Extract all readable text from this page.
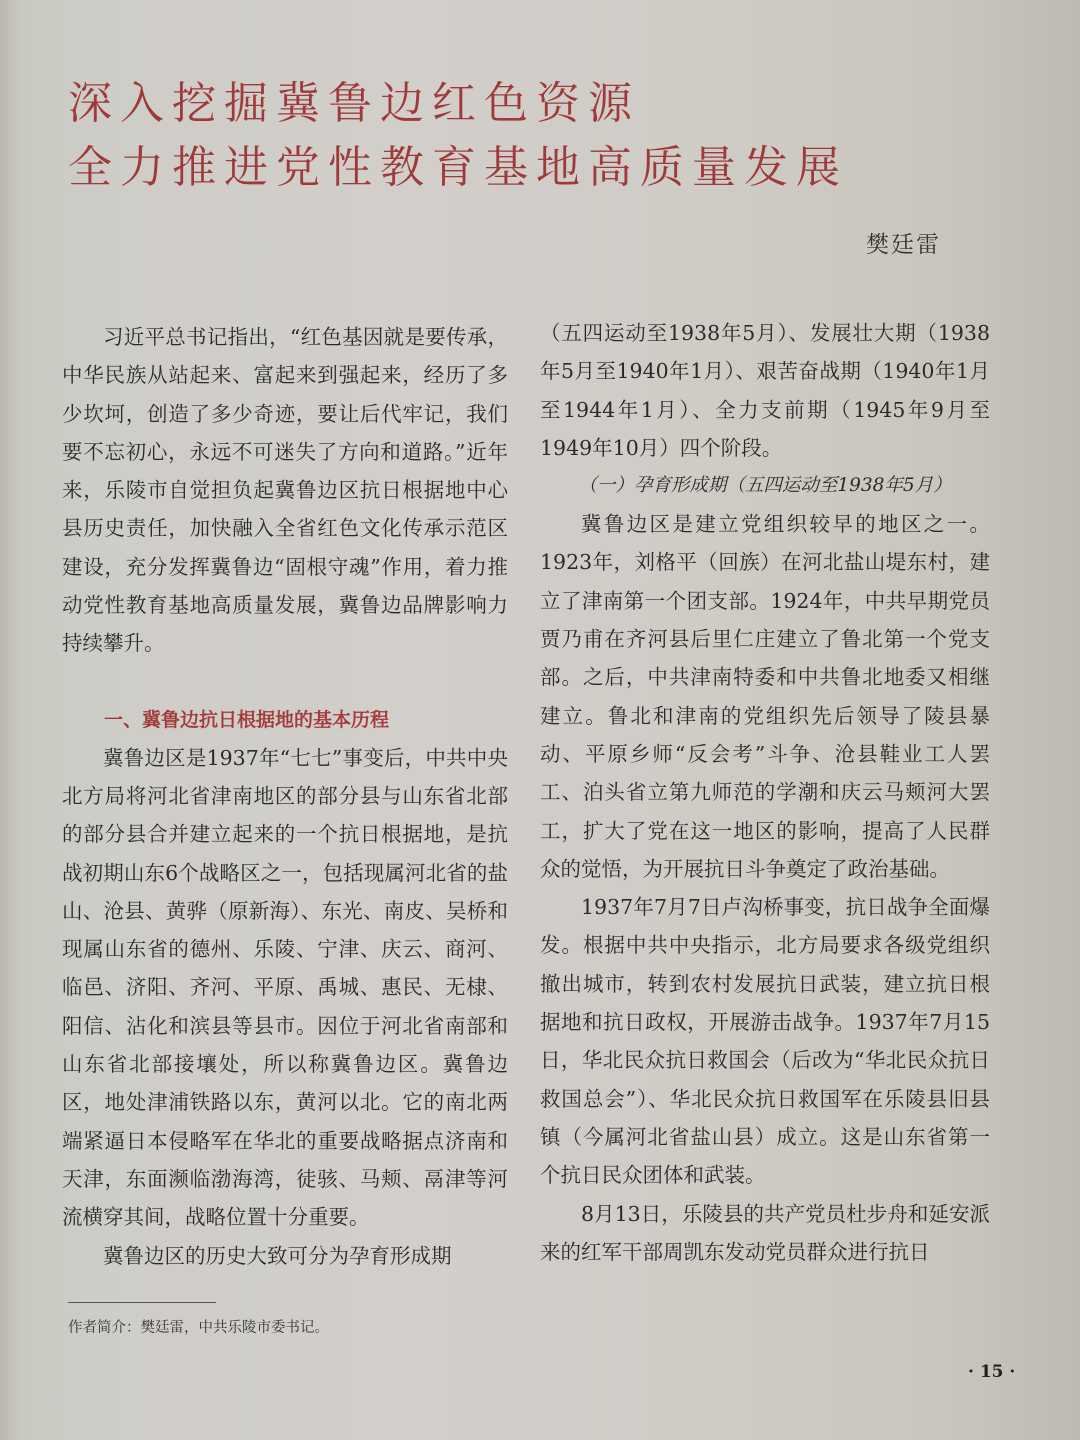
深入挖掘冀鲁边红色资源
全力推进党性教育基地高质量发展
樊廷雷

习近平总书记指出，“红色基因就是要传承，中华民族从站起来、富起来到强起来，经历了多少坎坷，创造了多少奇迹，要让后代牢记，我们要不忘初心，永远不可迷失了方向和道路。”近年来，乐陵市自觉担负起冀鲁边区抗日根据地中心县历史责任，加快融入全省红色文化传承示范区建设，充分发挥冀鲁边“固根守魂”作用，着力推动党性教育基地高质量发展，冀鲁边品牌影响力持续攀升。

一、冀鲁边抗日根据地的基本历程

冀鲁边区是1937年“七七”事变后，中共中央北方局将河北省津南地区的部分县与山东省北部的部分县合并建立起来的一个抗日根据地，是抗战初期山东6个战略区之一，包括现属河北省的盐山、沧县、黄骅（原新海）、东光、南皮、吴桥和现属山东省的德州、乐陵、宁津、庆云、商河、临邑、济阳、齐河、平原、禹城、惠民、无棣、阳信、沾化和滨县等县市。因位于河北省南部和山东省北部接壤处，所以称冀鲁边区。冀鲁边区，地处津浦铁路以东，黄河以北。它的南北两端紧逼日本侵略军在华北的重要战略据点济南和天津，东面濒临渤海湾，徒骇、马颊、鬲津等河流横穿其间，战略位置十分重要。

冀鲁边区的历史大致可分为孕育形成期

（五四运动至1938年5月）、发展壮大期（1938年5月至1940年1月）、艰苦奋战期（1940年1月至1944年1月）、全力支前期（1945年9月至1949年10月）四个阶段。

（一）孕育形成期（五四运动至1938年5月）

冀鲁边区是建立党组织较早的地区之一。1923年，刘格平（回族）在河北盐山堤东村，建立了津南第一个团支部。1924年，中共早期党员贾乃甫在齐河县后里仁庄建立了鲁北第一个党支部。之后，中共津南特委和中共鲁北地委又相继建立。鲁北和津南的党组织先后领导了陵县暴动、平原乡师“反会考”斗争、沧县鞋业工人罢工、泊头省立第九师范的学潮和庆云马颊河大罢工，扩大了党在这一地区的影响，提高了人民群众的觉悟，为开展抗日斗争奠定了政治基础。

1937年7月7日卢沟桥事变，抗日战争全面爆发。根据中共中央指示，北方局要求各级党组织撤出城市，转到农村发展抗日武装，建立抗日根据地和抗日政权，开展游击战争。1937年7月15日，华北民众抗日救国会（后改为“华北民众抗日救国总会”）、华北民众抗日救国军在乐陵县旧县镇（今属河北省盐山县）成立。这是山东省第一个抗日民众团体和武装。

8月13日，乐陵县的共产党员杜步舟和延安派来的红军干部周凯东发动党员群众进行抗日

作者简介：樊廷雷，中共乐陵市委书记。
· 15 ·
